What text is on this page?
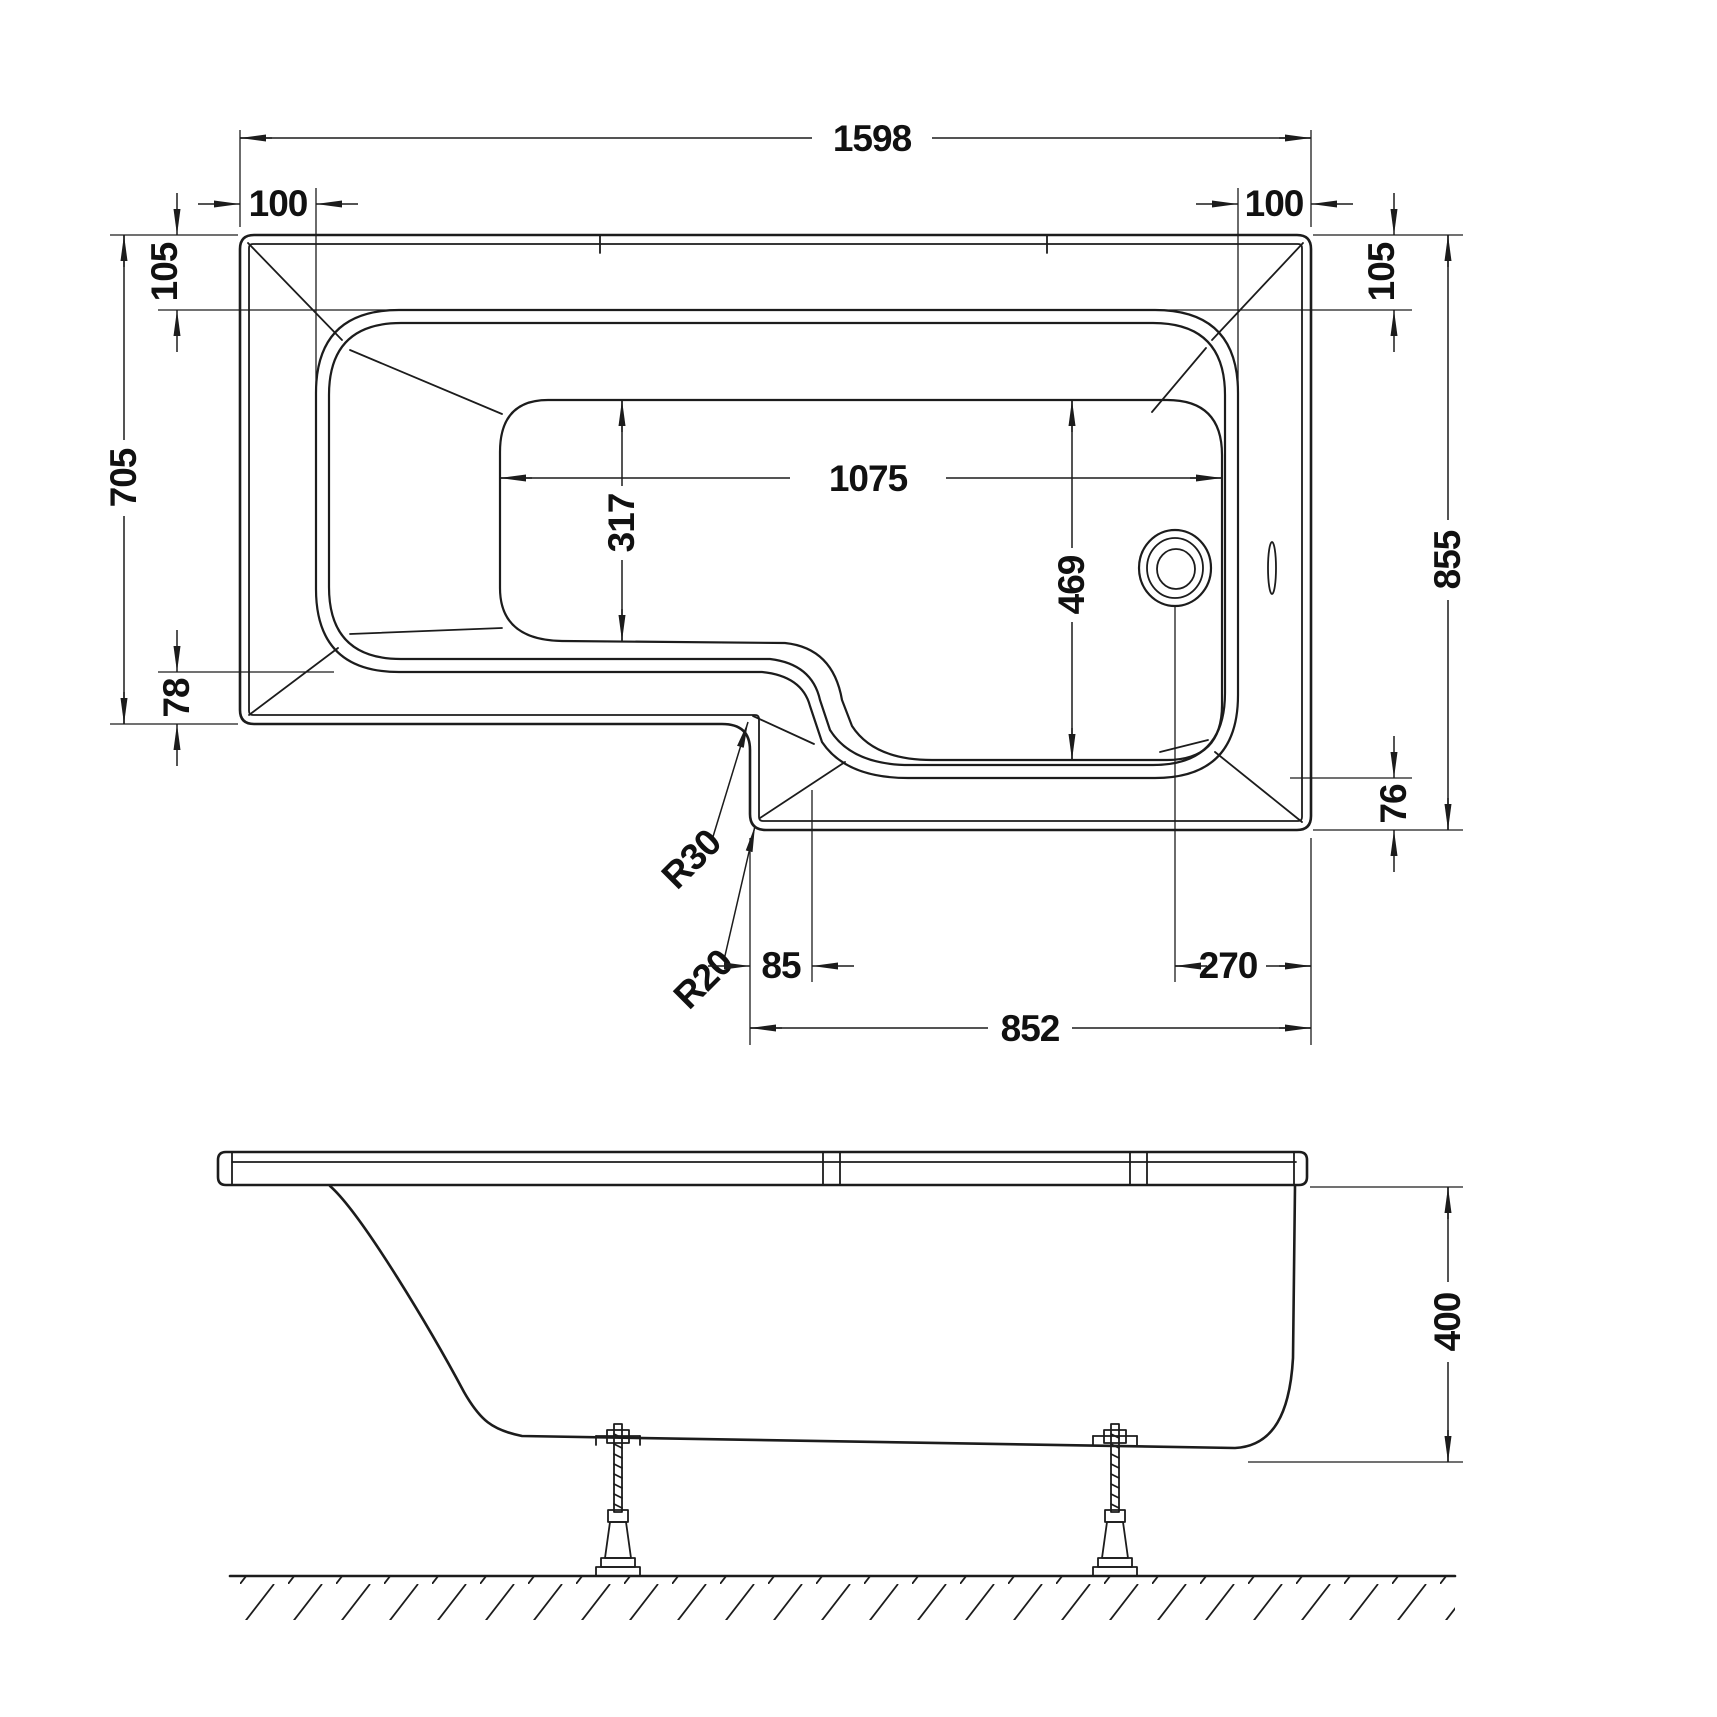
1598
100	100
105	105
705
855
1075
317
469
78
76
R30
R20 85	270
852
400
